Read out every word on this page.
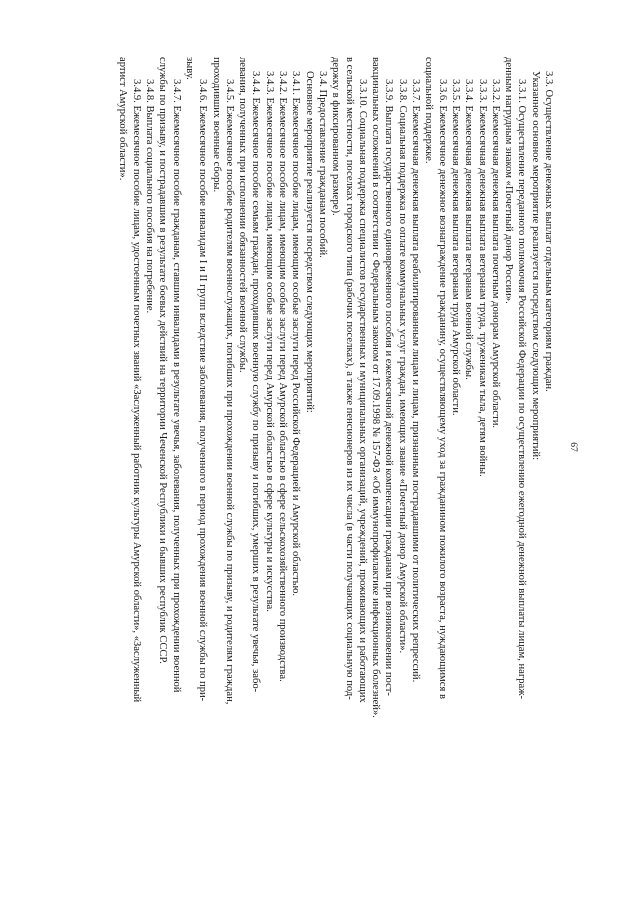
67
3.3. Осуществление денежных выплат отдельным категориям граждан.
Указанное основное мероприятие реализуется посредством следующих мероприятий:
3.3.1. Осуществление переданного полномочия Российской Федерации по осуществлению ежегодной денежной выплаты лицам, награж-
денным нагрудным знаком «Почетный донор России».
3.3.2. Ежемесячная денежная выплата почетным донорам Амурской области.
3.3.3. Ежемесячная денежная выплата ветеранам труда, труженикам тыла, детям войны.
3.3.4. Ежемесячная денежная выплата ветеранам военной службы.
3.3.5. Ежемесячная денежная выплата ветеранам труда Амурской области.
3.3.6. Ежемесячное денежное вознаграждение гражданину, осуществляющему уход за гражданином пожилого возраста, нуждающимся в
социальной поддержке.
3.3.7. Ежемесячная денежная выплата реабилитированным лицам и лицам, признанным пострадавшими от политических репрессий.
3.3.8. Социальная поддержка по оплате коммунальных услуг граждан, имеющих звание «Почетный донор Амурской области».
3.3.9. Выплата государственного единовременного пособия и ежемесячной денежной компенсации гражданам при возникновении пост-
вакцинальных осложнений в соответствии с Федеральным законом от 17.09.1998 № 157-ФЗ «Об иммунопрофилактике инфекционных болезней».
3.3.10. Социальная поддержка специалистов государственных и муниципальных организаций, учреждений, проживающих и работающих
в сельской местности, поселках городского типа (рабочих поселках), а также пенсионеров из их числа (в части получающих социальную под-
держку в фиксированном размере).
3.4. Предоставление гражданам пособий.
Основное мероприятие реализуется посредством следующих мероприятий:
3.4.1. Ежемесячное пособие лицам, имеющим особые заслуги перед Российской Федерацией и Амурской областью.
3.4.2. Ежемесячное пособие лицам, имеющим особые заслуги перед Амурской областью в сфере сельскохозяйственного производства.
3.4.3. Ежемесячное пособие лицам, имеющим особые заслуги перед Амурской областью в сфере культуры и искусства.
3.4.4. Ежемесячное пособие семьям граждан, проходивших военную службу по призыву и погибших, умерших в результате увечья, забо-
левания, полученных при исполнении обязанностей военной службы.
3.4.5. Ежемесячное пособие родителям военнослужащих, погибших при прохождении военной службы по призыву, и родителям граждан,
проходивших военные сборы.
3.4.6. Ежемесячное пособие инвалидам I и II групп вследствие заболевания, полученного в период прохождения военной службы по при-
зыву.
3.4.7. Ежемесячное пособие гражданам, ставшим инвалидами в результате увечья, заболевания, полученных при прохождении военной
службы по призыву, и пострадавшим в результате боевых действий на территории Чеченской Республики и бывших республик СССР.
3.4.8. Выплата социального пособия на погребение.
3.4.9. Ежемесячное пособие лицам, удостоенным почетных званий «Заслуженный работник культуры Амурской области», «Заслуженный
артист Амурской области».
